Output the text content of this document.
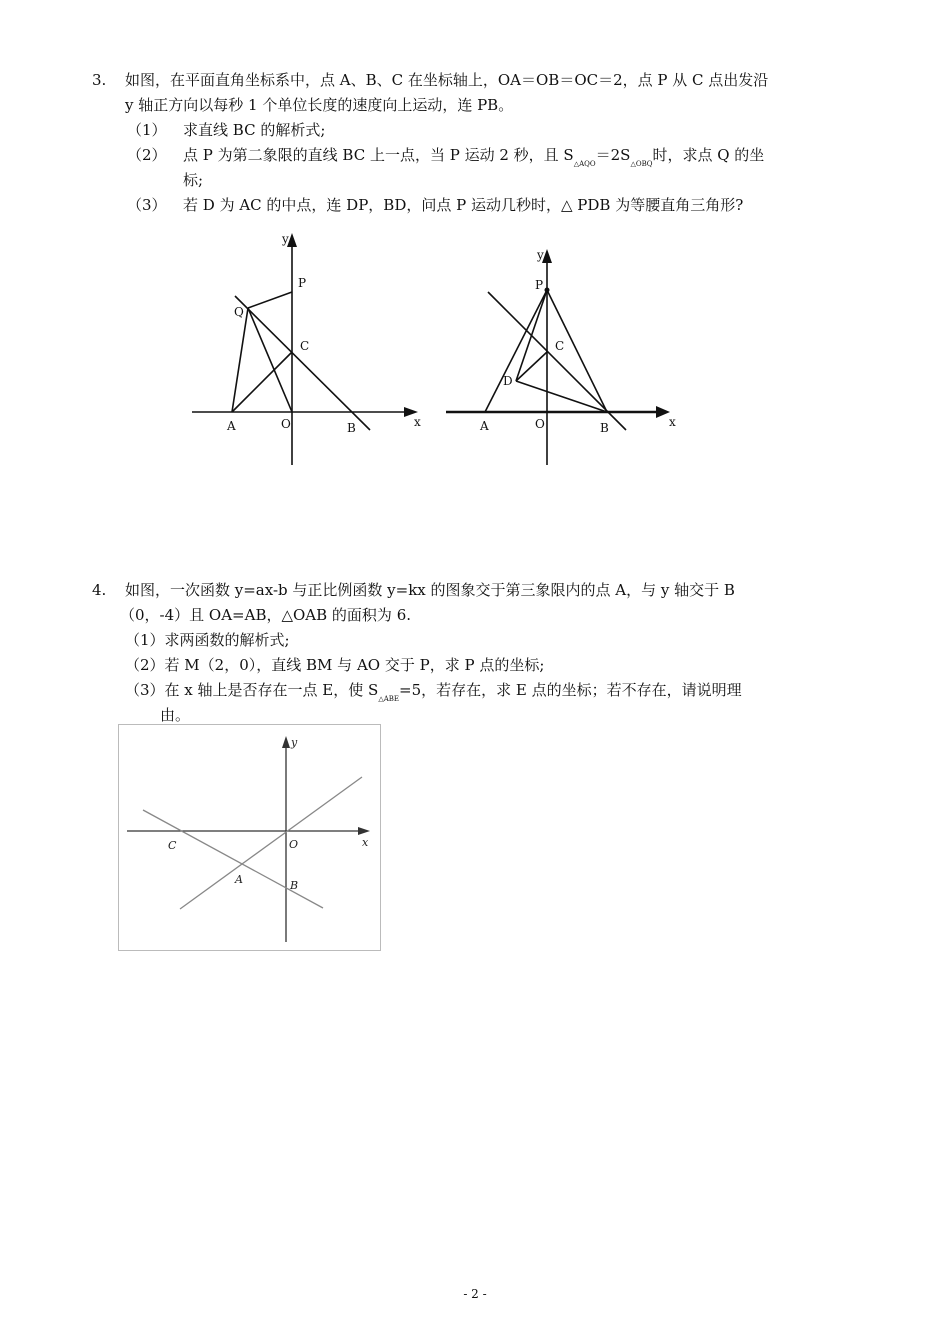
3. 如图，在平面直角坐标系中，点 A、B、C 在坐标轴上，OA＝OB＝OC＝2，点 P 从 C 点出发沿
y 轴正方向以每秒 1 个单位长度的速度向上运动，连 PB。
（1） 求直线 BC 的解析式;
（2） 点 P 为第二象限的直线 BC 上一点，当 P 运动 2 秒，且 $S_{\triangle AQO}=2S_{\triangle OBQ}$时，求点 Q 的坐
标;
（3） 若 D 为 AC 的中点，连 DP，BD，问点 P 运动几秒时，△ PDB 为等腰直角三角形?
y
x
P
Q
C
A	O	B
y
x
P
C
D
A	O	B
4. 如图，一次函数 y=ax-b 与正比例函数 y=kx 的图象交于第三象限内的点 A，与 y 轴交于 B
（0，-4）且 OA=AB，△OAB 的面积为 6.
（1）求两函数的解析式;
（2）若 M（2，0），直线 BM 与 AO 交于 P，求 P 点的坐标;
（3）在 x 轴上是否存在一点 E，使 $S_{\triangle ABE}=5$，若存在，求 E 点的坐标；若不存在，请说明理
由。
y
x
C	O
A	B
- 2 -
